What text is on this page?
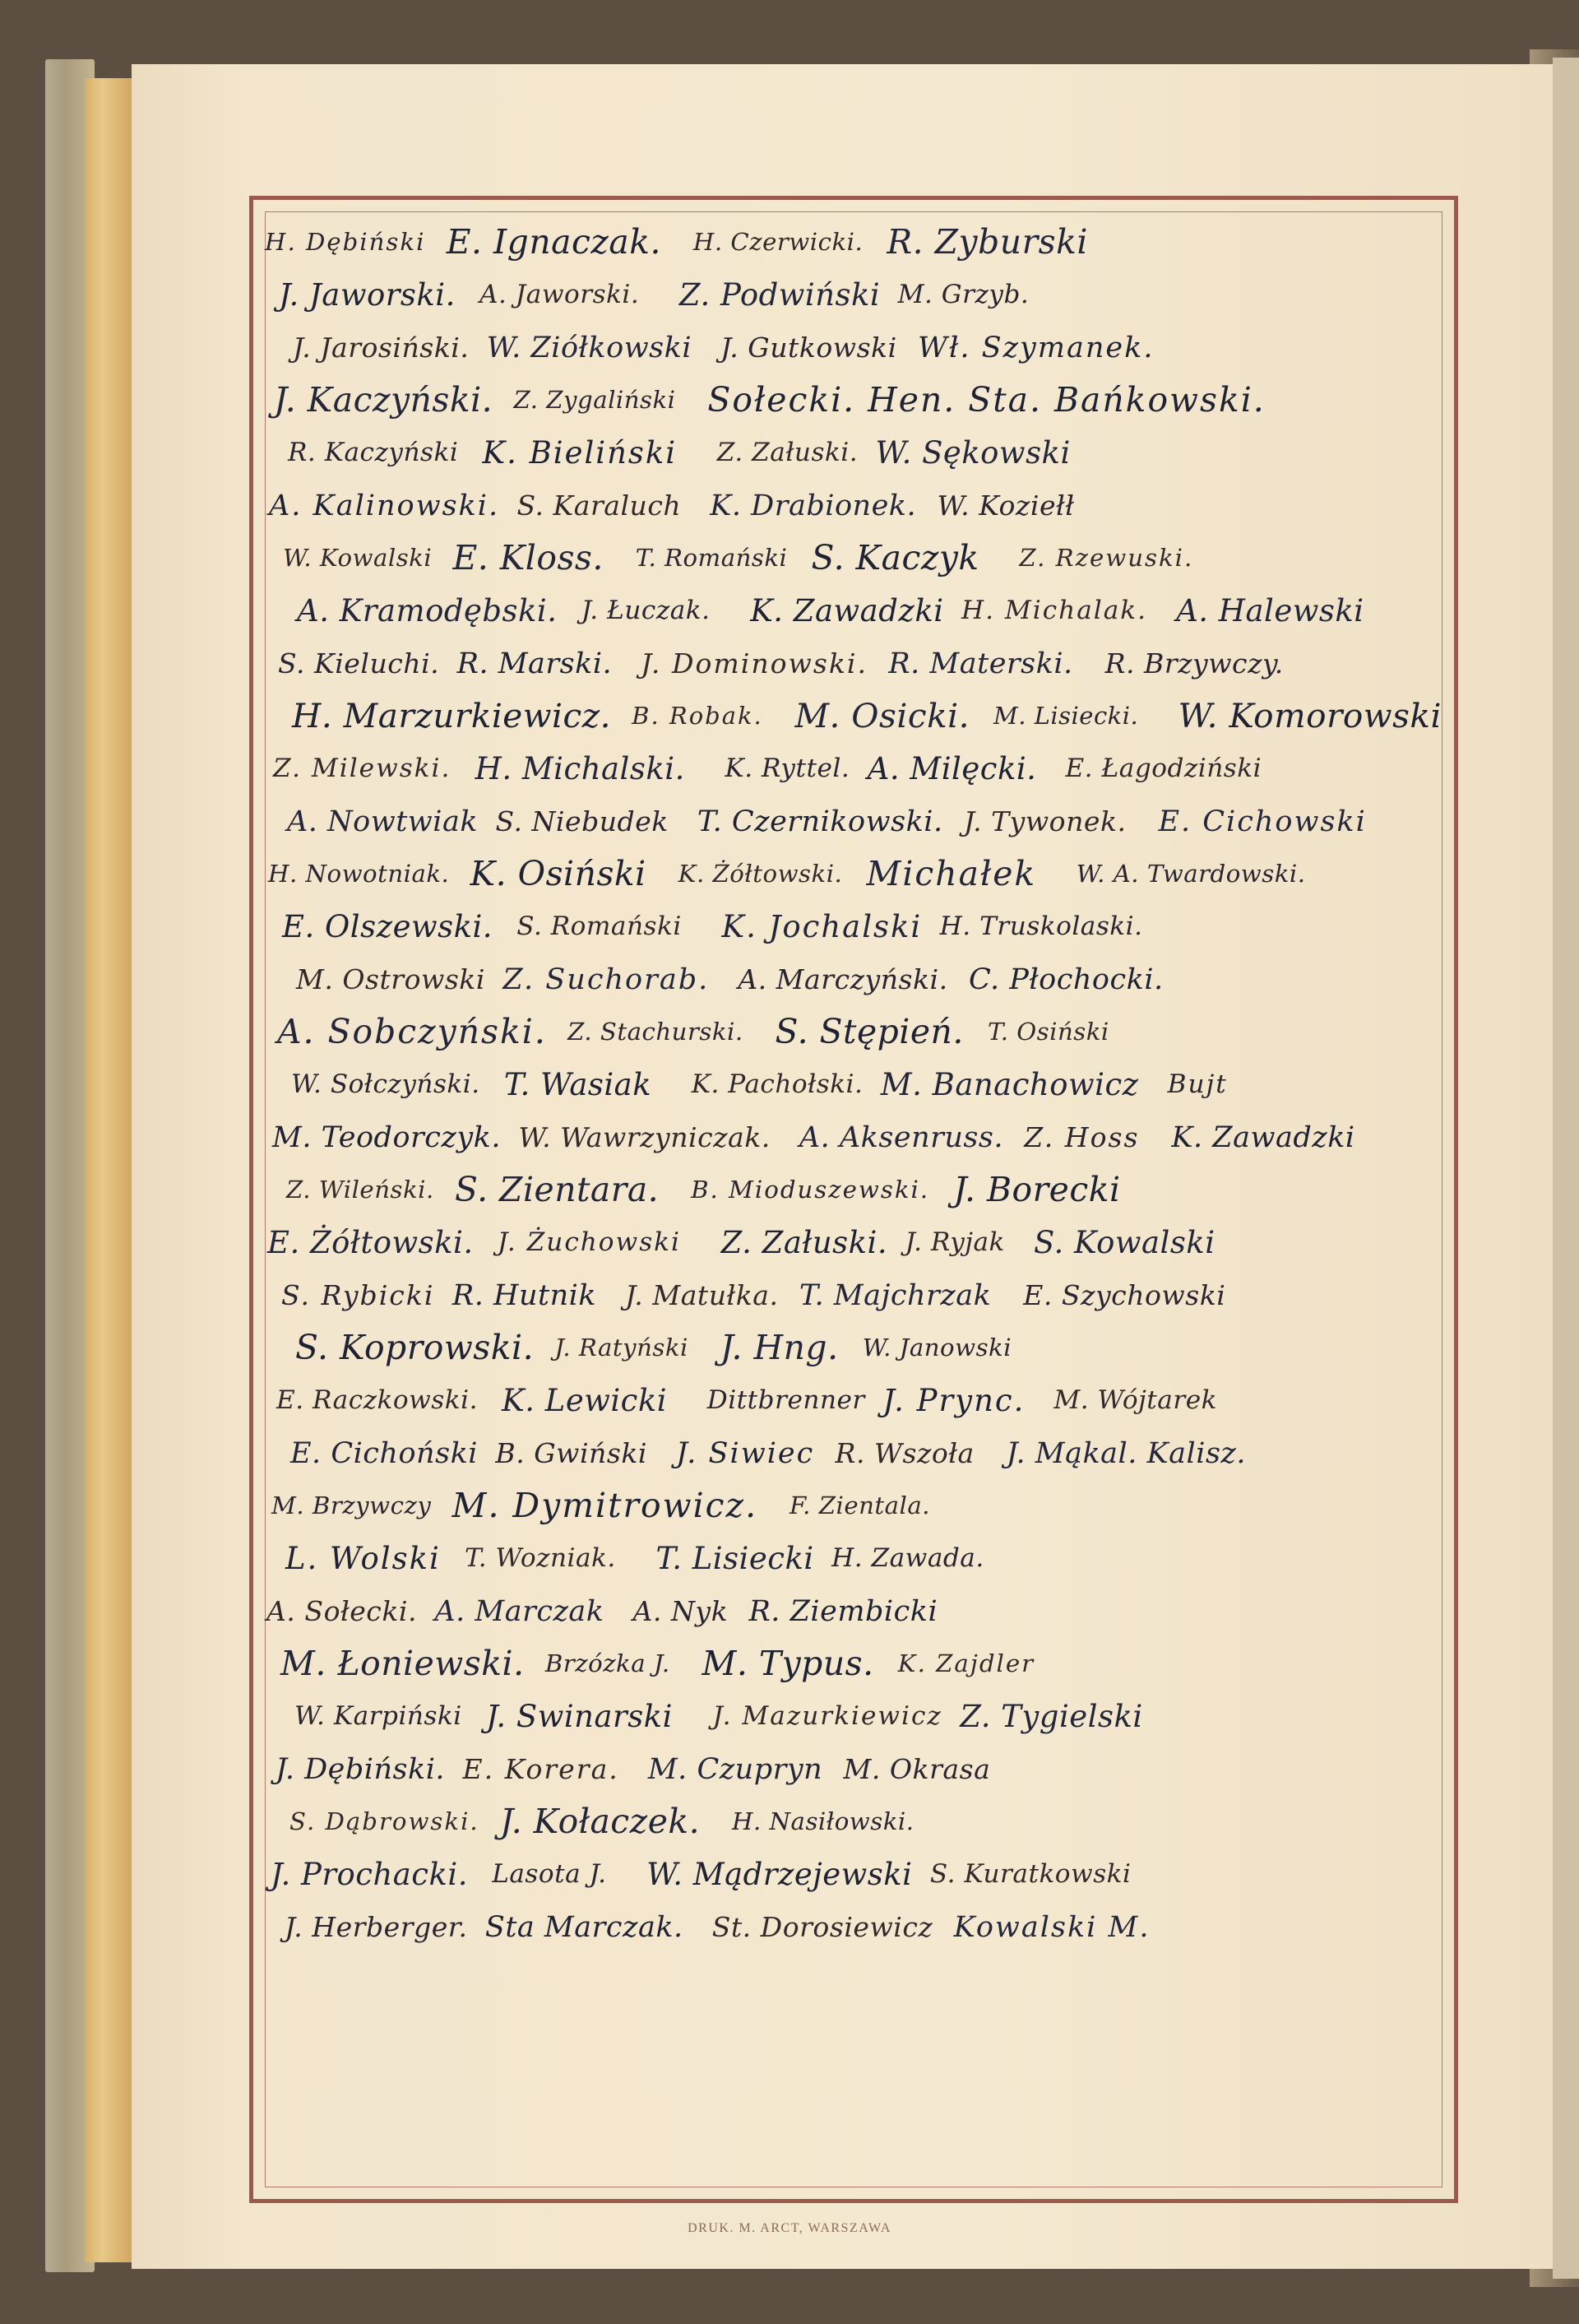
H. Dębiński E. Ignaczak. H. Czerwicki. R. Zyburski
J. Jaworski. A. Jaworski. Z. Podwiński M. Grzyb.
J. Jarosiński. W. Ziółkowski J. Gutkowski Wł. Szymanek.
J. Kaczyński. Z. Zygaliński Sołecki. Hen. Sta. Bańkowski.
R. Kaczyński K. Bieliński Z. Załuski. W. Sękowski
A. Kalinowski. S. Karaluch K. Drabionek. W. Koziełł
W. Kowalski E. Kloss. T. Romański S. Kaczyk Z. Rzewuski.
A. Kramodębski. J. Łuczak. K. Zawadzki H. Michalak. A. Halewski
S. Kieluchi. R. Marski. J. Dominowski. R. Materski. R. Brzywczy.
H. Marzurkiewicz. B. Robak. M. Osicki. M. Lisiecki. W. Komorowski
Z. Milewski. H. Michalski. K. Ryttel. A. Milęcki. E. Łagodziński
A. Nowtwiak S. Niebudek T. Czernikowski. J. Tywonek. E. Cichowski
H. Nowotniak. K. Osiński K. Żółtowski. Michałek W. A. Twardowski.
E. Olszewski. S. Romański K. Jochalski H. Truskolaski.
M. Ostrowski Z. Suchorab. A. Marczyński. C. Płochocki.
A. Sobczyński. Z. Stachurski. S. Stępień. T. Osiński
W. Sołczyński. T. Wasiak K. Pachołski. M. Banachowicz Bujt
M. Teodorczyk. W. Wawrzyniczak. A. Aksenruss. Z. Hoss K. Zawadzki
Z. Wileński. S. Zientara. B. Mioduszewski. J. Borecki
E. Żółtowski. J. Żuchowski Z. Załuski. J. Ryjak S. Kowalski
S. Rybicki R. Hutnik J. Matułka. T. Majchrzak E. Szychowski
S. Koprowski. J. Ratyński J. Hng. W. Janowski
E. Raczkowski. K. Lewicki Dittbrenner J. Prync. M. Wójtarek
E. Cichoński B. Gwiński J. Siwiec R. Wszoła J. Mąkal. Kalisz.
M. Brzywczy M. Dymitrowicz. F. Zientala.
L. Wolski T. Wozniak. T. Lisiecki H. Zawada.
A. Sołecki. A. Marczak A. Nyk R. Ziembicki
M. Łoniewski. Brzózka J. M. Typus. K. Zajdler
W. Karpiński J. Swinarski J. Mazurkiewicz Z. Tygielski
J. Dębiński. E. Korera. M. Czupryn M. Okrasa
S. Dąbrowski. J. Kołaczek. H. Nasiłowski.
J. Prochacki. Lasota J. W. Mądrzejewski S. Kuratkowski
J. Herberger. Sta Marczak. St. Dorosiewicz Kowalski M.
DRUK. M. ARCT, WARSZAWA
